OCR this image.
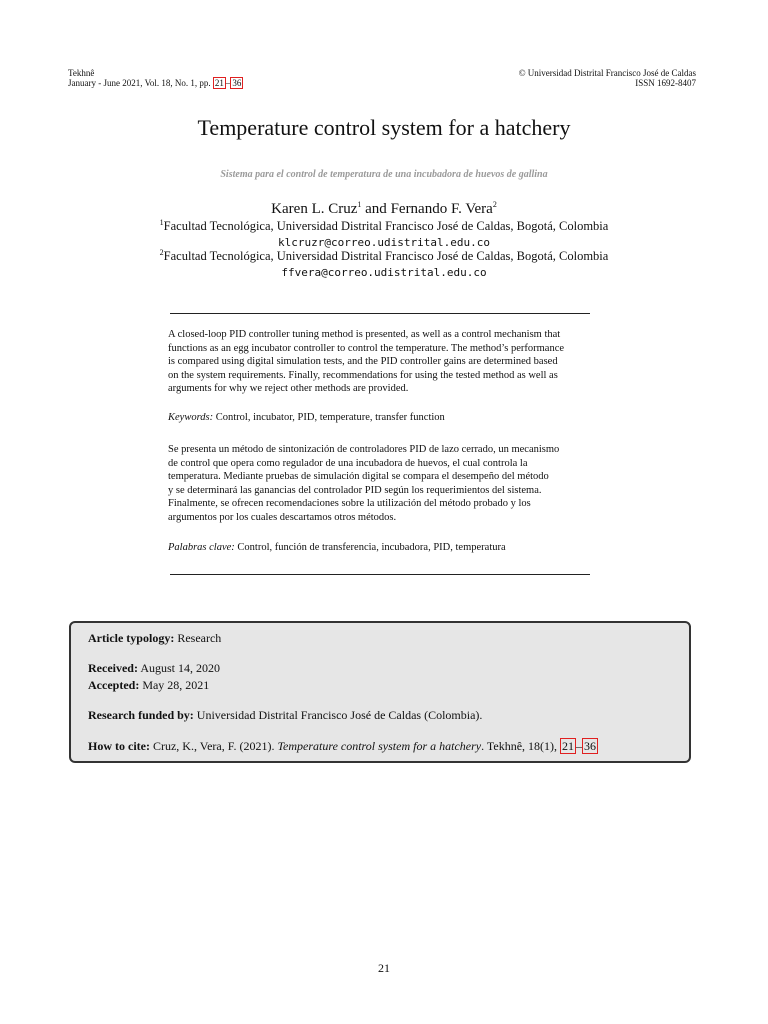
Tekhnê
January - June 2021, Vol. 18, No. 1, pp. 21 – 36
© Universidad Distrital Francisco José de Caldas
ISSN 1692-8407
Temperature control system for a hatchery
Sistema para el control de temperatura de una incubadora de huevos de gallina
Karen L. Cruz$^1$ and Fernando F. Vera$^2$
$^1$Facultad Tecnológica, Universidad Distrital Francisco José de Caldas, Bogotá, Colombia
klcruzr@correo.udistrital.edu.co
$^2$Facultad Tecnológica, Universidad Distrital Francisco José de Caldas, Bogotá, Colombia
ffvera@correo.udistrital.edu.co
A closed-loop PID controller tuning method is presented, as well as a control mechanism that
functions as an egg incubator controller to control the temperature. The method’s performance
is compared using digital simulation tests, and the PID controller gains are determined based
on the system requirements. Finally, recommendations for using the tested method as well as
arguments for why we reject other methods are provided.
Keywords: Control, incubator, PID, temperature, transfer function
Se presenta un método de sintonización de controladores PID de lazo cerrado, un mecanismo
de control que opera como regulador de una incubadora de huevos, el cual controla la
temperatura. Mediante pruebas de simulación digital se compara el desempeño del método
y se determinará las ganancias del controlador PID según los requerimientos del sistema.
Finalmente, se ofrecen recomendaciones sobre la utilización del método probado y los
argumentos por los cuales descartamos otros métodos.
Palabras clave: Control, función de transferencia, incubadora, PID, temperatura
Article typology: Research
Received: August 14, 2020
Accepted: May 28, 2021
Research funded by: Universidad Distrital Francisco José de Caldas (Colombia).
How to cite: Cruz, K., Vera, F. (2021). Temperature control system for a hatchery. Tekhnê, 18(1), 21 – 36
21
